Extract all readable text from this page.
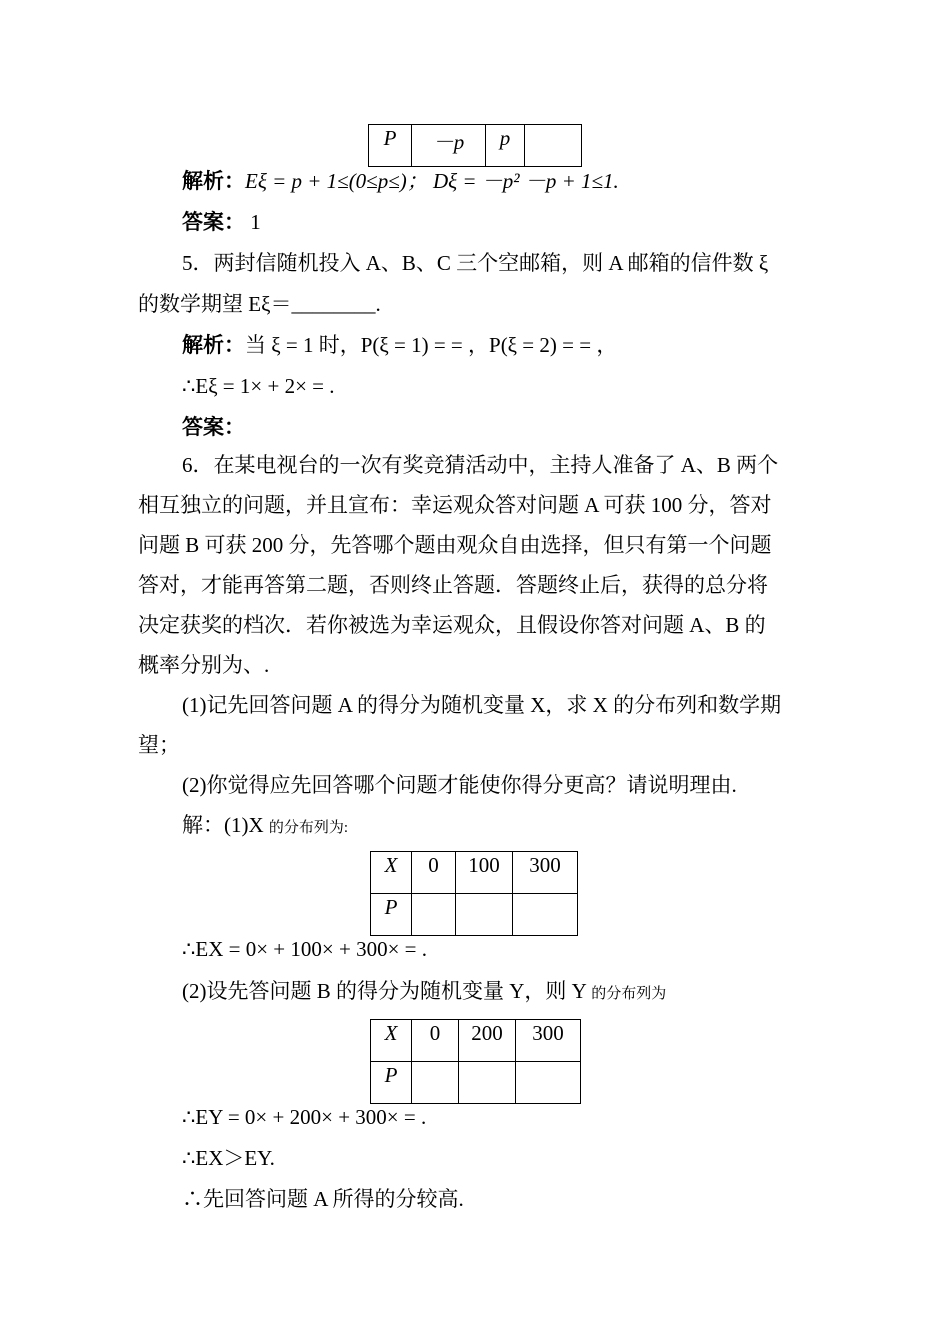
P	－p	p	
解析：Eξ = p + 1≤(0≤p≤)； Dξ = －p² －p + 1≤1.
答案： 1
5．两封信随机投入 A、B、C 三个空邮箱，则 A 邮箱的信件数 ξ
的数学期望 Eξ＝________.
解析：当 ξ = 1 时，P(ξ = 1) = = ，P(ξ = 2) = = ，
∴Eξ = 1× + 2× = .
答案：
6．在某电视台的一次有奖竞猜活动中，主持人准备了 A、B 两个
相互独立的问题，并且宣布：幸运观众答对问题 A 可获 100 分，答对
问题 B 可获 200 分，先答哪个题由观众自由选择，但只有第一个问题
答对，才能再答第二题，否则终止答题．答题终止后，获得的总分将
决定获奖的档次．若你被选为幸运观众，且假设你答对问题 A、B 的
概率分别为、.
(1)记先回答问题 A 的得分为随机变量 X，求 X 的分布列和数学期
望；
(2)你觉得应先回答哪个问题才能使你得分更高？请说明理由.
解：(1)X 的分布列为:
X	0	100	300
P			
∴EX = 0× + 100× + 300× = .
(2)设先答问题 B 的得分为随机变量 Y，则 Y 的分布列为
X	0	200	300
P			
∴EY = 0× + 200× + 300× = .
∴EX＞EY.
∴先回答问题 A 所得的分较高.
